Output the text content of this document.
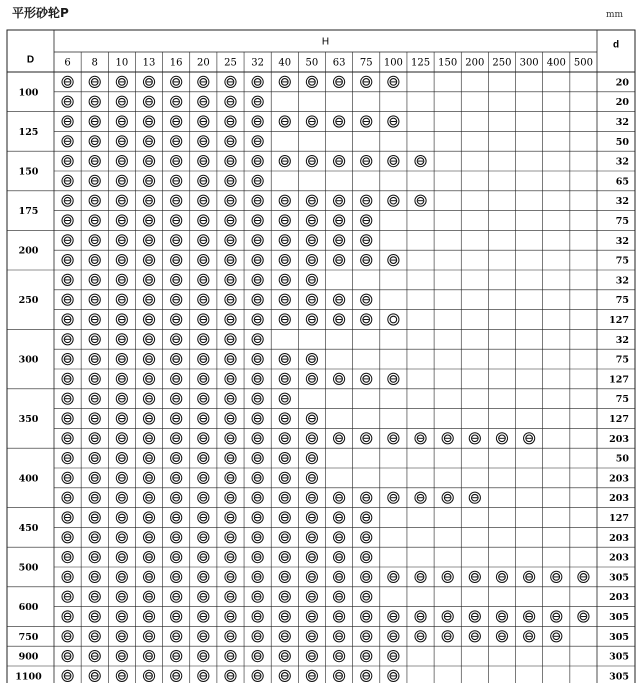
平形砂轮P	mm
D
H	d
6 8 10 13 16 20 25 32 40 50 63 75 100 125 150 200 250 300 400 500
100
125
150
175
200
250
300
350
400
450
500
600
750
900
1100
20
20
32
50
32
65
32
75
32
75
32
75
127
32
75
127
75
127
203
50
203
203
127
203
203
305
203
305
305
305
305
